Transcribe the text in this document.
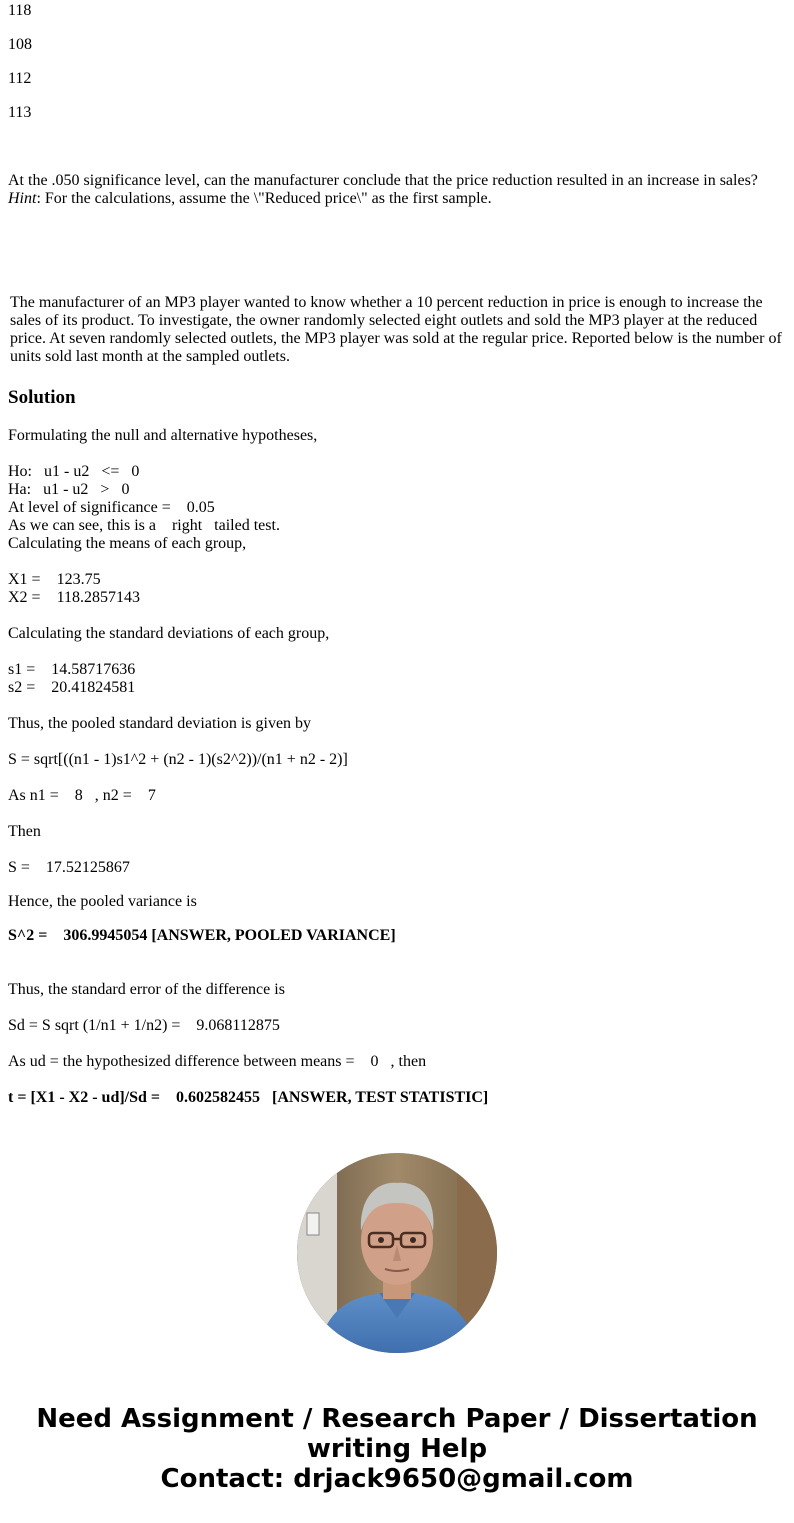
118
108
112
113
At the .050 significance level, can the manufacturer conclude that the price reduction resulted in an increase in sales?
Hint: For the calculations, assume the \"Reduced price\" as the first sample.
The manufacturer of an MP3 player wanted to know whether a 10 percent reduction in price is enough to increase the sales of its product. To investigate, the owner randomly selected eight outlets and sold the MP3 player at the reduced price. At seven randomly selected outlets, the MP3 player was sold at the regular price. Reported below is the number of units sold last month at the sampled outlets.
Solution
Formulating the null and alternative hypotheses,
Ho:   u1 - u2   <=   0
Ha:   u1 - u2   >   0
At level of significance =    0.05
As we can see, this is a    right   tailed test.
Calculating the means of each group,
X1 =    123.75
X2 =    118.2857143
Calculating the standard deviations of each group,
s1 =    14.58717636
s2 =    20.41824581
Thus, the pooled standard deviation is given by
S = sqrt[((n1 - 1)s1^2 + (n2 - 1)(s2^2))/(n1 + n2 - 2)]
As n1 =    8   , n2 =    7
Then
S =    17.52125867
Hence, the pooled variance is
S^2 =    306.9945054 [ANSWER, POOLED VARIANCE]
Thus, the standard error of the difference is
Sd = S sqrt (1/n1 + 1/n2) =    9.068112875
As ud = the hypothesized difference between means =    0   , then
t = [X1 - X2 - ud]/Sd =    0.602582455   [ANSWER, TEST STATISTIC]
Need Assignment / Research Paper / Dissertation
writing Help
Contact: drjack9650@gmail.com
